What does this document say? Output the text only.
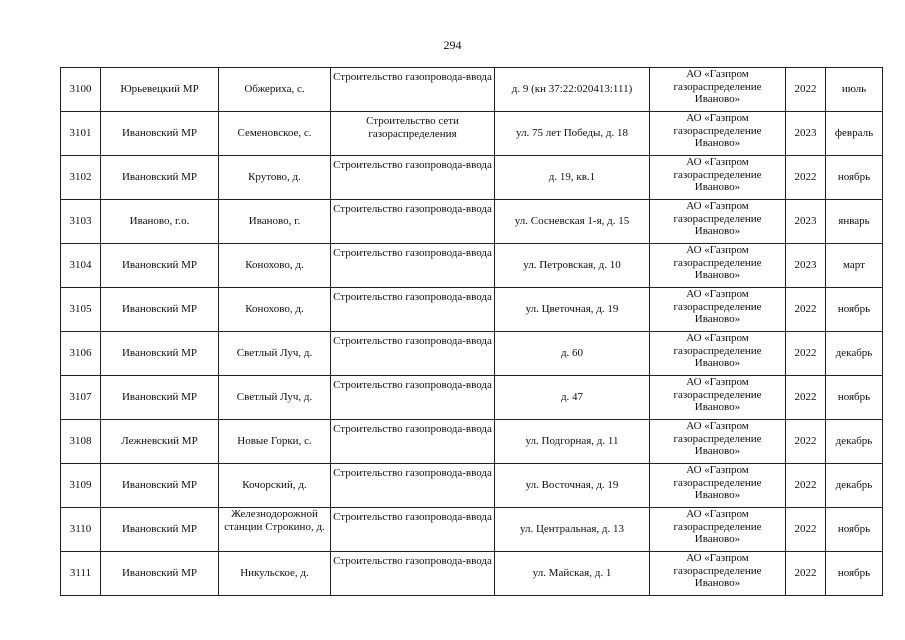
294
3100	Юрьевецкий МР	Обжериха, с.	Строительство газопровода-ввода	д. 9 (кн 37:22:020413:111)	АО «Газпром газораспределение Иваново»	2022	июль
3101	Ивановский МР	Семеновское, с.	Строительство сети газораспределения	ул. 75 лет Победы, д. 18	АО «Газпром газораспределение Иваново»	2023	февраль
3102	Ивановский МР	Крутово, д.	Строительство газопровода-ввода	д. 19, кв.1	АО «Газпром газораспределение Иваново»	2022	ноябрь
3103	Иваново, г.о.	Иваново, г.	Строительство газопровода-ввода	ул. Сосневская 1-я, д. 15	АО «Газпром газораспределение Иваново»	2023	январь
3104	Ивановский МР	Конохово, д.	Строительство газопровода-ввода	ул. Петровская, д. 10	АО «Газпром газораспределение Иваново»	2023	март
3105	Ивановский МР	Конохово, д.	Строительство газопровода-ввода	ул. Цветочная, д. 19	АО «Газпром газораспределение Иваново»	2022	ноябрь
3106	Ивановский МР	Светлый Луч, д.	Строительство газопровода-ввода	д. 60	АО «Газпром газораспределение Иваново»	2022	декабрь
3107	Ивановский МР	Светлый Луч, д.	Строительство газопровода-ввода	д. 47	АО «Газпром газораспределение Иваново»	2022	ноябрь
3108	Лежневский МР	Новые Горки, с.	Строительство газопровода-ввода	ул. Подгорная, д. 11	АО «Газпром газораспределение Иваново»	2022	декабрь
3109	Ивановский МР	Кочорский, д.	Строительство газопровода-ввода	ул. Восточная, д. 19	АО «Газпром газораспределение Иваново»	2022	декабрь
3110	Ивановский МР	Железнодорожной станции Строкино, д.	Строительство газопровода-ввода	ул. Центральная, д. 13	АО «Газпром газораспределение Иваново»	2022	ноябрь
3111	Ивановский МР	Никульское, д.	Строительство газопровода-ввода	ул. Майская, д. 1	АО «Газпром газораспределение Иваново»	2022	ноябрь
